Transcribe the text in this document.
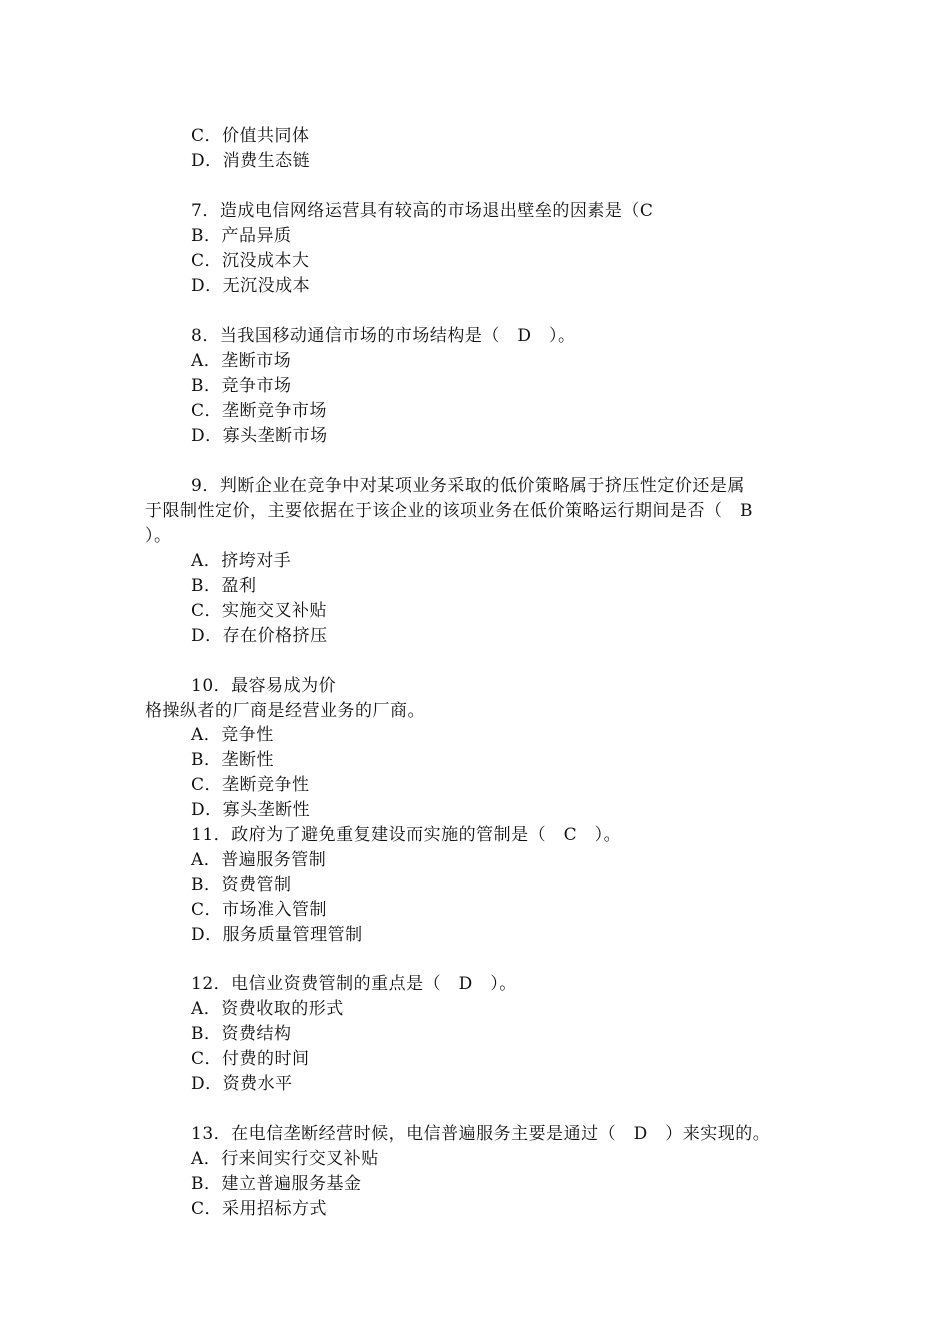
C．价值共同体
D．消费生态链
7．造成电信网络运营具有较高的市场退出壁垒的因素是（C
B．产品异质
C．沉没成本大
D．无沉没成本
8．当我国移动通信市场的市场结构是（　D　）。
A．垄断市场
B．竞争市场
C．垄断竞争市场
D．寡头垄断市场
9．判断企业在竞争中对某项业务采取的低价策略属于挤压性定价还是属
于限制性定价，主要依据在于该企业的该项业务在低价策略运行期间是否（　B
）。
A．挤垮对手
B．盈利
C．实施交叉补贴
D．存在价格挤压
10．最容易成为价
格操纵者的厂商是经营业务的厂商。
A．竞争性
B．垄断性
C．垄断竞争性
D．寡头垄断性
11．政府为了避免重复建设而实施的管制是（　C　）。
A．普遍服务管制
B．资费管制
C．市场准入管制
D．服务质量管理管制
12．电信业资费管制的重点是（　D　）。
A．资费收取的形式
B．资费结构
C．付费的时间
D．资费水平
13．在电信垄断经营时候，电信普遍服务主要是通过（　D　）来实现的。
A．行来间实行交叉补贴
B．建立普遍服务基金
C．采用招标方式
